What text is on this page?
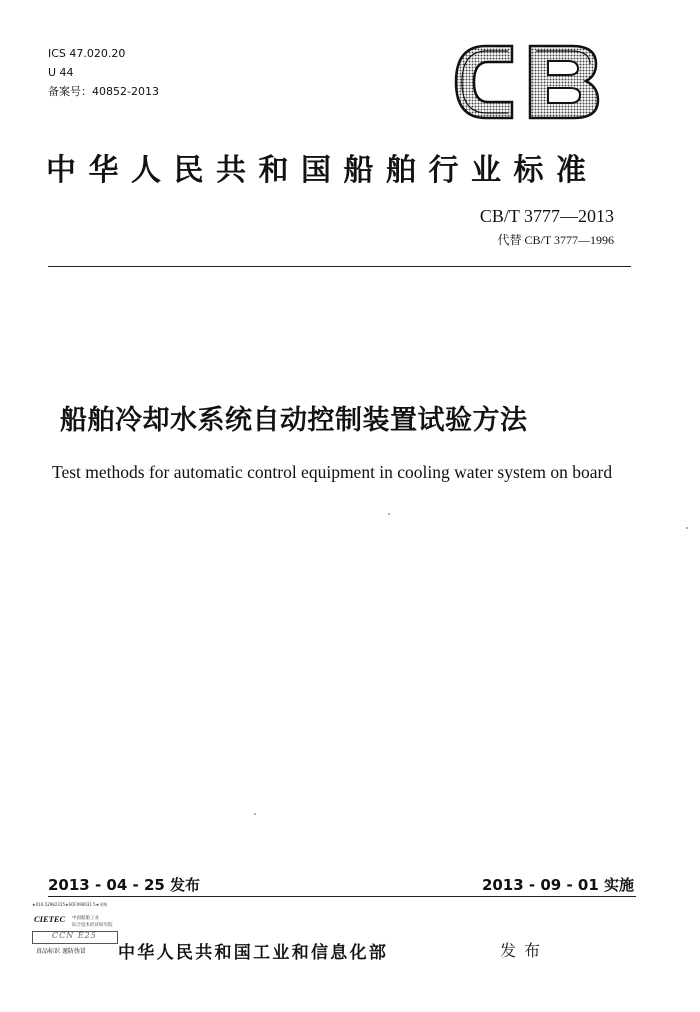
ICS 47.020.20
U 44
备案号：40852-2013
中华人民共和国船舶行业标准
CB/T 3777—2013
代替 CB/T 3777—1996
船舶冷却水系统自动控制装置试验方法
Test methods for automatic control equipment in cooling water system on board
2013 - 04 - 25 发布	2013 - 09 - 01 实施
★010-52982315★SOF096031 5★采购
CIETEC 中国船舶工业
综合技术经济研究院
CCN E25
真品标识 谨防伪冒 中华人民共和国工业和信息化部	发布
